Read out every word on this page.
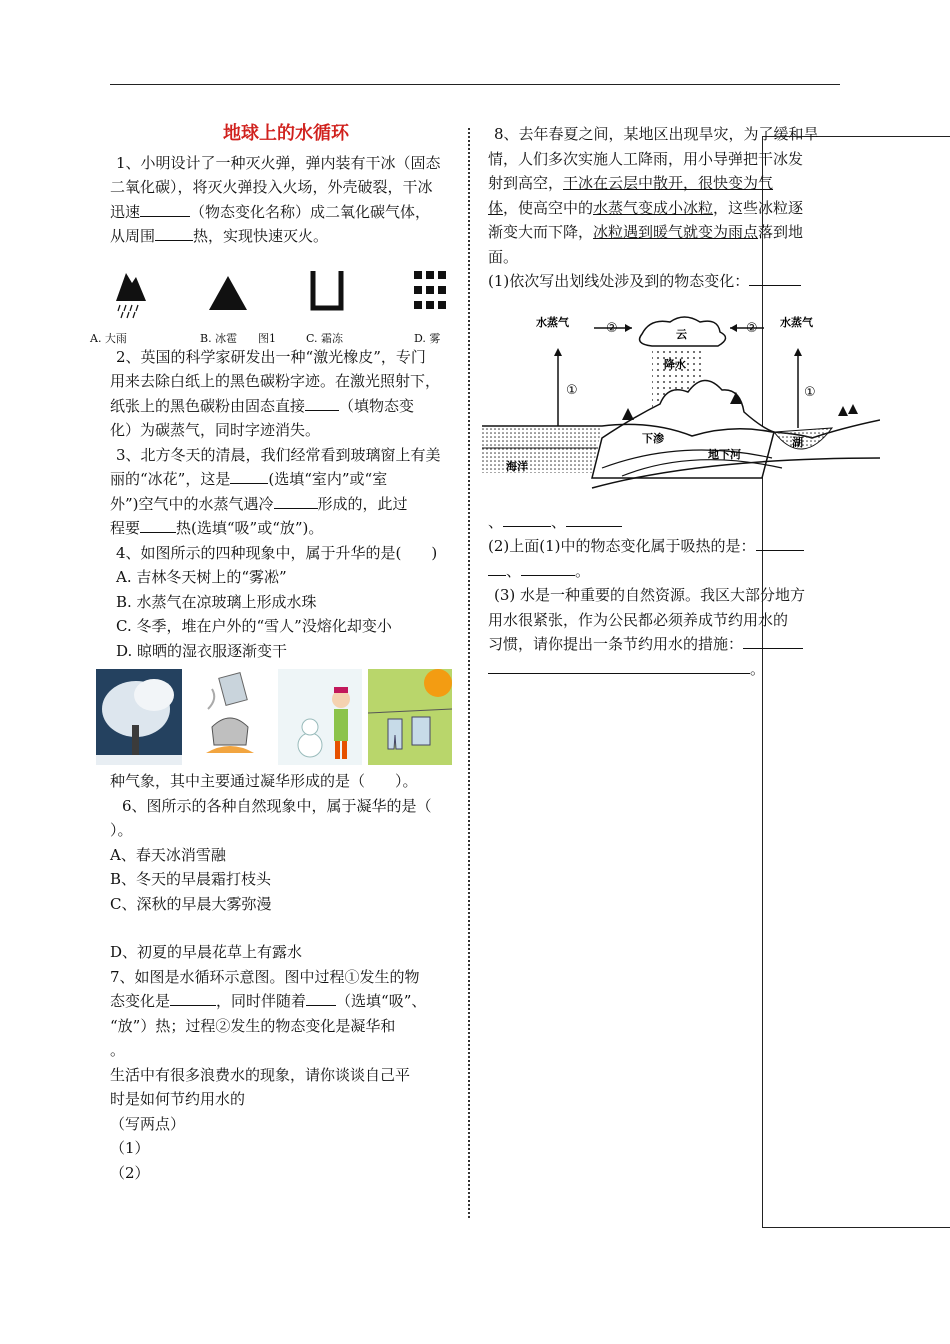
地球上的水循环

1、小明设计了一种灭火弹，弹内装有干冰（固态

二氧化碳），将灭火弹投入火场，外壳破裂，干冰

迅速	（物态变化名称）成二氧化碳气体，

从周围	热，实现快速灭火。

A. 大雨	B. 冰雹 图1	C. 霜冻	D. 雾

2、英国的科学家研发出一种“激光橡皮”，专门

用来去除白纸上的黑色碳粉字迹。在激光照射下，

纸张上的黑色碳粉由固态直接 （填物态变

化）为碳蒸气，同时字迹消失。

3、北方冬天的清晨，我们经常看到玻璃窗上有美

丽的“冰花”，这是	(选填“室内”或“室

外”)空气中的水蒸气遇冷	形成的，此过

程要 热(选填“吸”或“放”)。

4、如图所示的四种现象中，属于升华的是(　　)

A. 吉林冬天树上的“雾凇”

B. 水蒸气在凉玻璃上形成水珠

C. 冬季，堆在户外的“雪人”没熔化却变小

D. 晾晒的湿衣服逐渐变干

种气象，其中主要通过凝华形成的是（　　）。

6、图所示的各种自然现象中，属于凝华的是（

）。

A、春天冰消雪融

B、冬天的早晨霜打枝头

C、深秋的早晨大雾弥漫

D、初夏的早晨花草上有露水

7、如图是水循环示意图。图中过程①发生的物

态变化是	，同时伴随着 （选填“吸”、

“放”）热；过程②发生的物态变化是凝华和

。

生活中有很多浪费水的现象，请你谈谈自己平

时是如何节约用水的

（写两点）

（1）

（2）

8、去年春夏之间，某地区出现旱灾，为了缓和旱

情，人们多次实施人工降雨，用小导弹把干冰发

射到高空，干冰在云层中散开，很快变为气

体，使高空中的水蒸气变成小冰粒，这些冰粒逐

渐变大而下降，冰粒遇到暖气就变为雨点落到地

面。

(1)依次写出划线处涉及到的物态变化：

水蒸气
云
水蒸气
降水
下渗
地下河
海洋
湖
①	①
②	②

、	、

(2)上面(1)中的物态变化属于吸热的是：

、	。

(3) 水是一种重要的自然资源。我区大部分地方

用水很紧张，作为公民都必须养成节约用水的

习惯，请你提出一条节约用水的措施：

。
